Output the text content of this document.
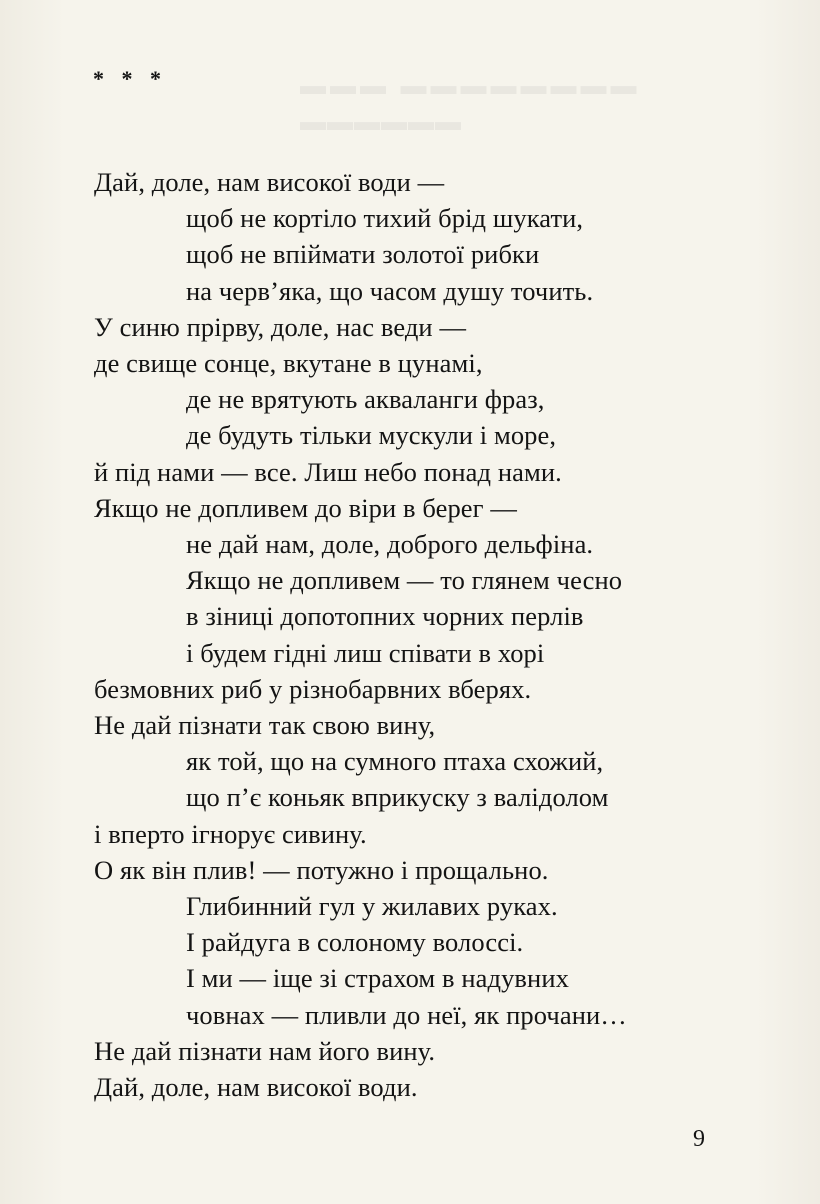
▬▬▬ ▬▬▬▬▬▬▬▬
▬▬▬▬▬▬
* * *
Дай, доле, нам високої води —
щоб не кортіло тихий брід шукати,
щоб не впіймати золотої рибки
на черв’яка, що часом душу точить.
У синю прірву, доле, нас веди —
де свище сонце, вкутане в цунамі,
де не врятують акваланги фраз,
де будуть тільки мускули і море,
й під нами — все. Лиш небо понад нами.
Якщо не допливем до віри в берег —
не дай нам, доле, доброго дельфіна.
Якщо не допливем — то глянем чесно
в зіниці допотопних чорних перлів
і будем гідні лиш співати в хорі
безмовних риб у різнобарвних вберях.
Не дай пізнати так свою вину,
як той, що на сумного птаха схожий,
що п’є коньяк вприкуску з валідолом
і вперто ігнорує сивину.
О як він плив! — потужно і прощально.
Глибинний гул у жилавих руках.
І райдуга в солоному волоссі.
І ми — іще зі страхом в надувних
човнах — пливли до неї, як прочани…
Не дай пізнати нам його вину.
Дай, доле, нам високої води.
9
